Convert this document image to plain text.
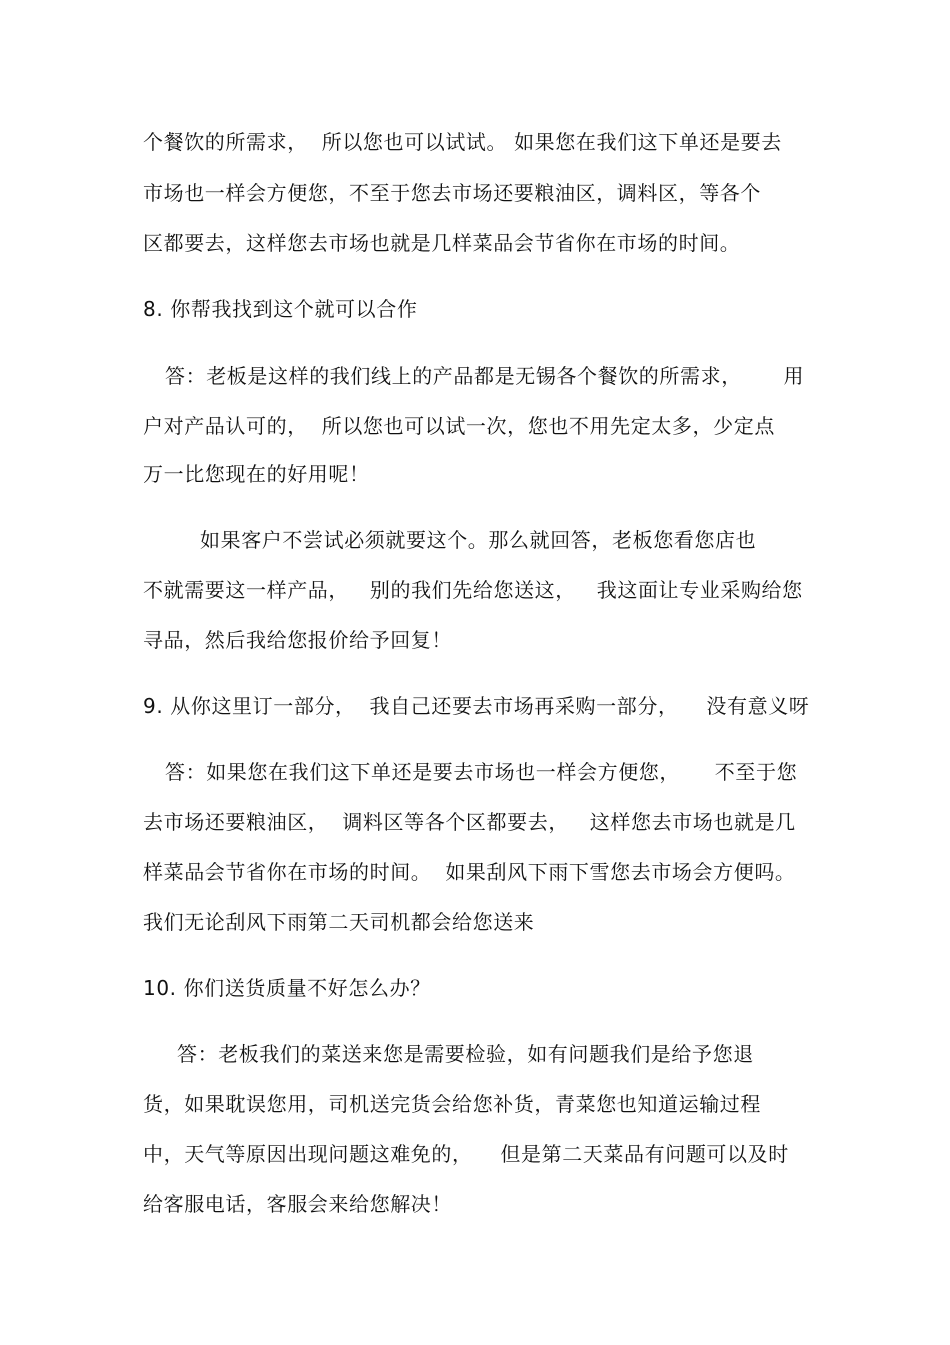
个餐饮的所需求，  所以您也可以试试。 如果您在我们这下单还是要去
市场也一样会方便您，不至于您去市场还要粮油区，调料区，等各个
区都要去，这样您去市场也就是几样菜品会节省你在市场的时间。
8. 你帮我找到这个就可以合作
答：老板是这样的我们线上的产品都是无锡各个餐饮的所需求，      用
户对产品认可的，  所以您也可以试一次，您也不用先定太多，少定点
万一比您现在的好用呢！
如果客户不尝试必须就要这个。那么就回答，老板您看您店也
不就需要这一样产品，   别的我们先给您送这，   我这面让专业采购给您
寻品，然后我给您报价给予回复！
9. 从你这里订一部分，  我自己还要去市场再采购一部分，    没有意义呀
答：如果您在我们这下单还是要去市场也一样会方便您，     不至于您
去市场还要粮油区，  调料区等各个区都要去，   这样您去市场也就是几
样菜品会节省你在市场的时间。  如果刮风下雨下雪您去市场会方便吗。
我们无论刮风下雨第二天司机都会给您送来
10. 你们送货质量不好怎么办？
答：老板我们的菜送来您是需要检验，如有问题我们是给予您退
货，如果耽误您用，司机送完货会给您补货，青菜您也知道运输过程
中，天气等原因出现问题这难免的，    但是第二天菜品有问题可以及时
给客服电话，客服会来给您解决！
